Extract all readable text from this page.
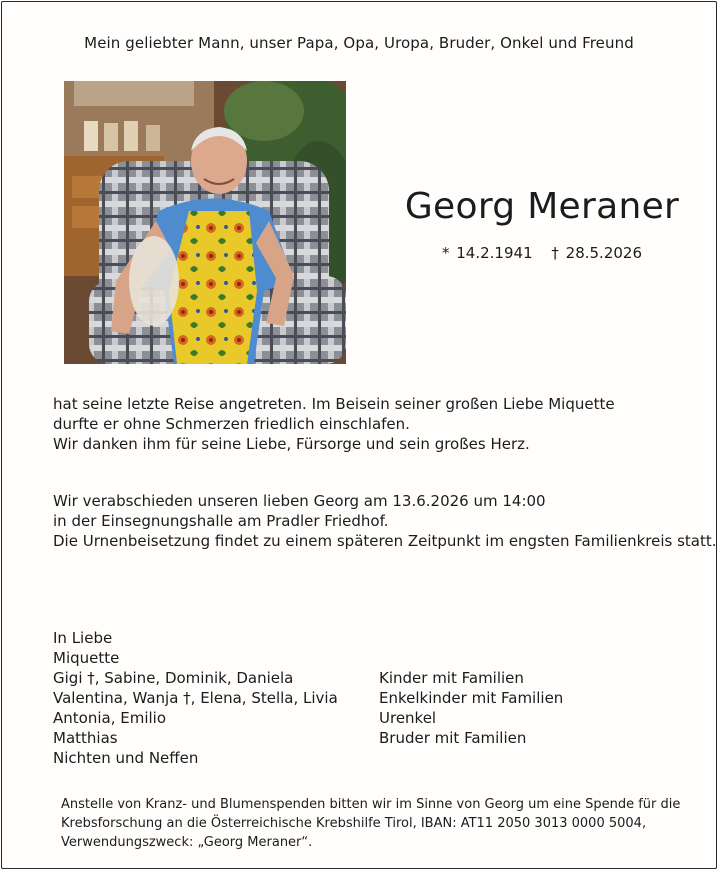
Mein geliebter Mann, unser Papa, Opa, Uropa, Bruder, Onkel und Freund
Georg Meraner
* 14.2.1941 † 28.5.2026
hat seine letzte Reise angetreten. Im Beisein seiner großen Liebe Miquette
durfte er ohne Schmerzen friedlich einschlafen.
Wir danken ihm für seine Liebe, Fürsorge und sein großes Herz.
Wir verabschieden unseren lieben Georg am 13.6.2026 um 14:00
in der Einsegnungshalle am Pradler Friedhof.
Die Urnenbeisetzung findet zu einem späteren Zeitpunkt im engsten Familienkreis statt.
In Liebe
Miquette
Gigi †, Sabine, Dominik, Daniela
Valentina, Wanja †, Elena, Stella, Livia
Antonia, Emilio
Matthias
Nichten und Neffen
Kinder mit Familien
Enkelkinder mit Familien
Urenkel
Bruder mit Familien
Anstelle von Kranz- und Blumenspenden bitten wir im Sinne von Georg um eine Spende für die
Krebsforschung an die Österreichische Krebshilfe Tirol, IBAN: AT11 2050 3013 0000 5004,
Verwendungszweck: „Georg Meraner“.
